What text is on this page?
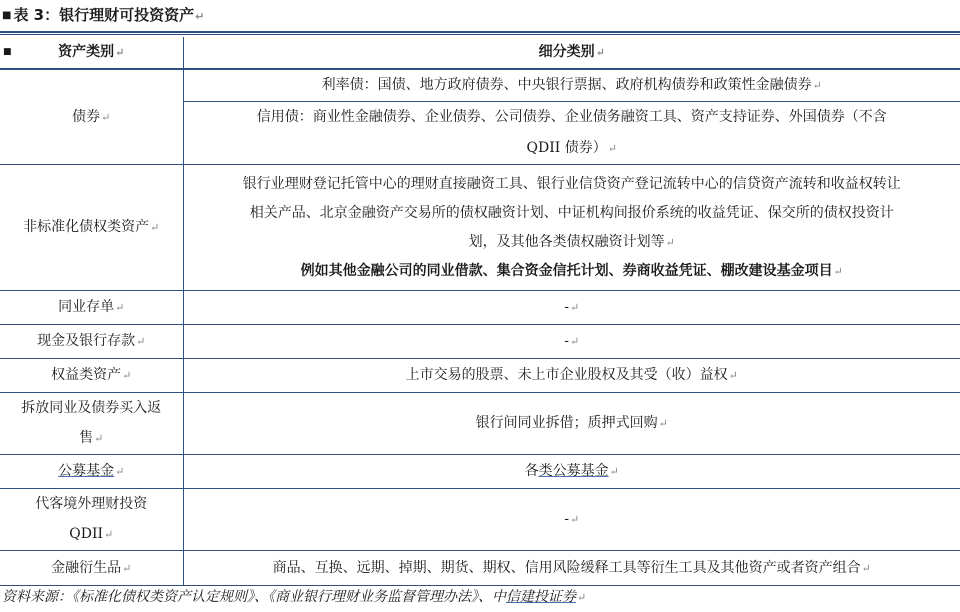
■ 表 3：银行理财可投资资产↵
■ 资产类别↵	细分类别↵
债券↵	利率债：国债、地方政府债券、中央银行票据、政府机构债券和政策性金融债券↵
	信用债：商业性金融债券、企业债券、公司债券、企业债务融资工具、资产支持证券、外国债券（不含
QDII 债券）↵
非标准化债权类资产↵	银行业理财登记托管中心的理财直接融资工具、银行业信贷资产登记流转中心的信贷资产流转和收益权转让
相关产品、北京金融资产交易所的债权融资计划、中证机构间报价系统的收益凭证、保交所的债权投资计
划，及其他各类债权融资计划等↵
例如其他金融公司的同业借款、集合资金信托计划、券商收益凭证、棚改建设基金项目↵
同业存单↵	-↵
现金及银行存款↵	-↵
权益类资产↵	上市交易的股票、未上市企业股权及其受（收）益权↵
拆放同业及债券买入返
售↵	银行间同业拆借；质押式回购↵
公募基金↵	各类公募基金↵
代客境外理财投资
QDII↵	-↵
金融衍生品↵	商品、互换、远期、掉期、期货、期权、信用风险缓释工具等衍生工具及其他资产或者资产组合↵
资料来源：《标准化债权类资产认定规则》、《商业银行理财业务监督管理办法》、中信建投证券↵
